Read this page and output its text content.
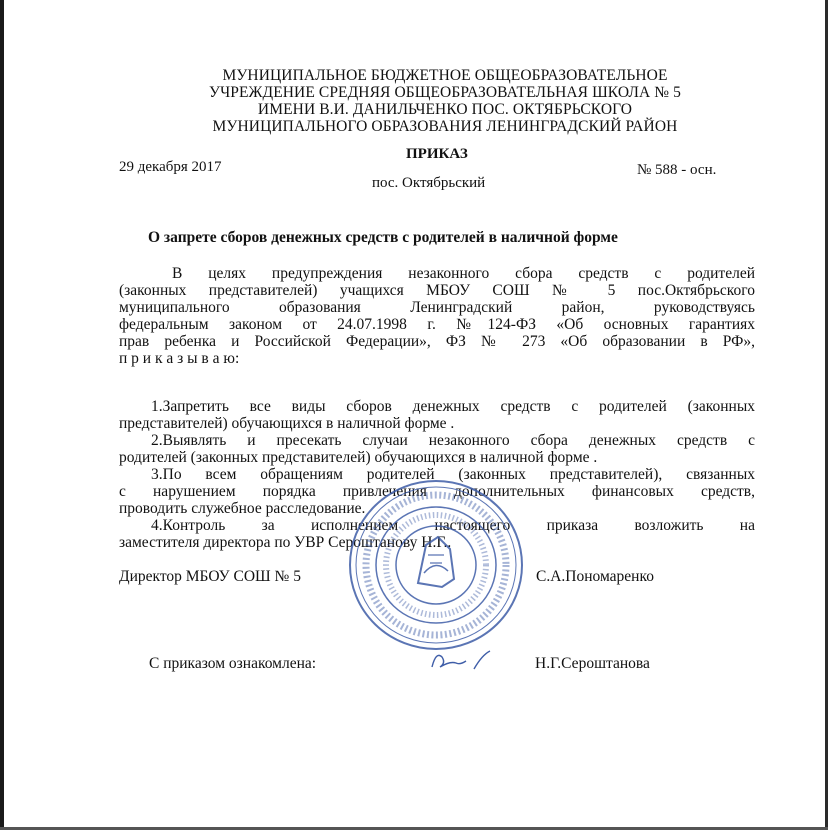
МУНИЦИПАЛЬНОЕ БЮДЖЕТНОЕ ОБЩЕОБРАЗОВАТЕЛЬНОЕ
УЧРЕЖДЕНИЕ СРЕДНЯЯ ОБЩЕОБРАЗОВАТЕЛЬНАЯ ШКОЛА № 5
ИМЕНИ В.И. ДАНИЛЬЧЕНКО ПОС. ОКТЯБРЬСКОГО
МУНИЦИПАЛЬНОГО ОБРАЗОВАНИЯ ЛЕНИНГРАДСКИЙ РАЙОН
ПРИКАЗ
29 декабря 2017	№ 588 - осн.
пос. Октябрьский
О запрете сборов денежных средств с родителей в наличной форме
В целях предупреждения незаконного сбора средств с родителей
(законных представителей) учащихся МБОУ СОШ № 5 пос.Октябрьского
муниципального образования Ленинградский район, руководствуясь
федеральным законом от 24.07.1998 г. №124-ФЗ «Об основных гарантиях
прав ребенка и Российской Федерации», ФЗ № 273 «Об образовании в РФ»,
п р и к а з ы в а ю:
1.Запретить все виды сборов денежных средств с родителей (законных
представителей) обучающихся в наличной форме .
2.Выявлять и пресекать случаи незаконного сбора денежных средств с
родителей (законных представителей) обучающихся в наличной форме .
3.По всем обращениям родителей (законных представителей), связанных
с нарушением порядка привлечения дополнительных финансовых средств,
проводить служебное расследование.
4.Контроль за исполнением настоящего приказа возложить на
заместителя директора по УВР Сероштанову Н.Г..
Директор МБОУ СОШ № 5	С.А.Пономаренко
С приказом ознакомлена:	Н.Г.Сероштанова
